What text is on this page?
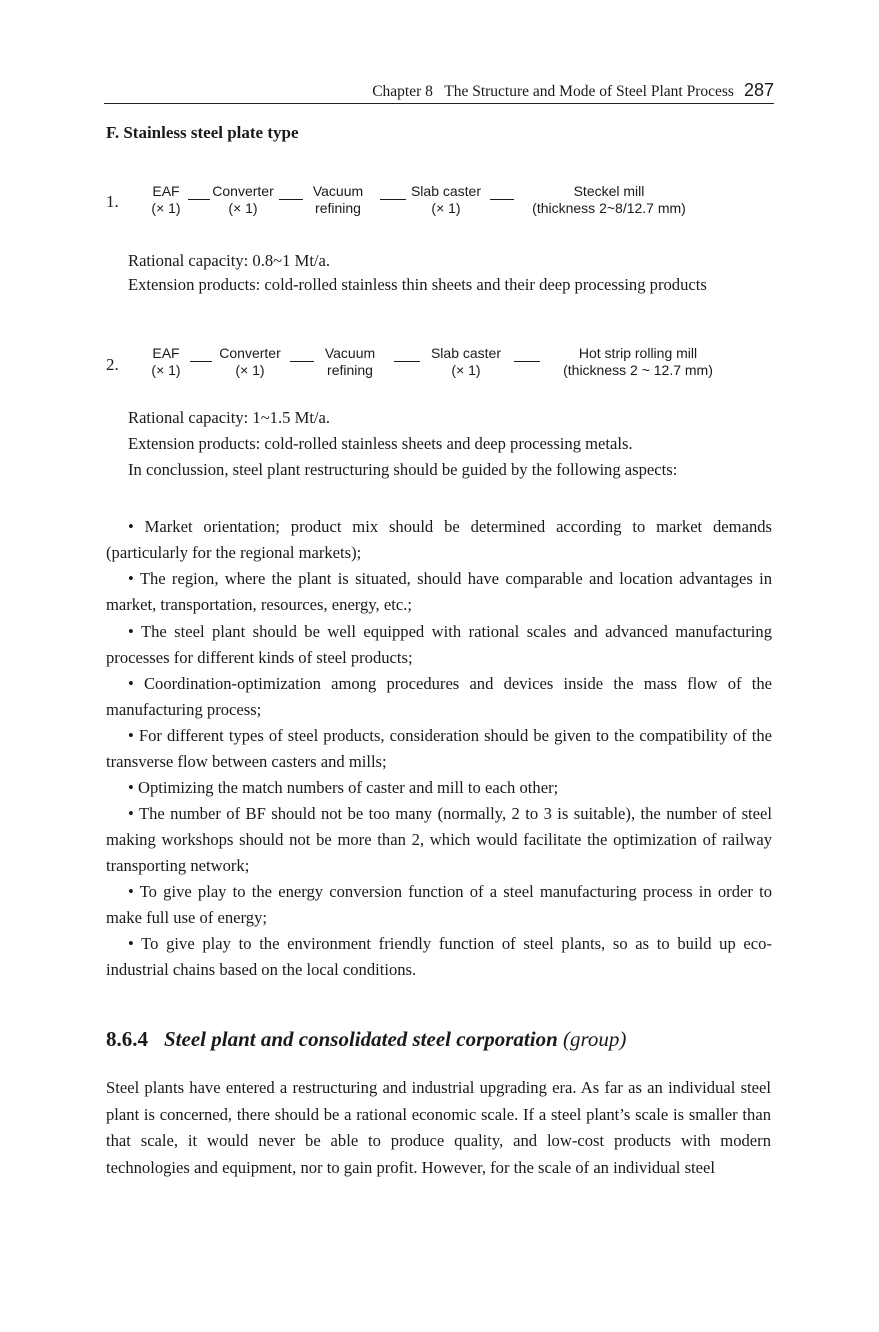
Chapter 8   The Structure and Mode of Steel Plant Process 287
F. Stainless steel plate type
1.
EAF
(× 1)
Converter
(× 1)
Vacuum
refining
Slab caster
(× 1)
Steckel mill
(thickness 2~8/12.7 mm)
Rational capacity: 0.8~1 Mt/a.
Extension products: cold-rolled stainless thin sheets and their deep processing products
2.
EAF
(× 1)
Converter
(× 1)
Vacuum
refining
Slab caster
(× 1)
Hot strip rolling mill
(thickness 2 ~ 12.7 mm)
Rational capacity: 1~1.5 Mt/a.
Extension products: cold-rolled stainless sheets and deep processing metals.
In conclussion, steel plant restructuring should be guided by the following aspects:
• Market orientation; product mix should be determined according to market demands (particularly for the regional markets);
• The region, where the plant is situated, should have comparable and location advantages in market, transportation, resources, energy, etc.;
• The steel plant should be well equipped with rational scales and advanced manufacturing processes for different kinds of steel products;
• Coordination-optimization among procedures and devices inside the mass flow of the manufacturing process;
• For different types of steel products, consideration should be given to the compatibility of the transverse flow between casters and mills;
• Optimizing the match numbers of caster and mill to each other;
• The number of BF should not be too many (normally, 2 to 3 is suitable), the number of steel making workshops should not be more than 2, which would facilitate the optimization of railway transporting network;
• To give play to the energy conversion function of a steel manufacturing process in order to make full use of energy;
• To give play to the environment friendly function of steel plants, so as to build up eco-industrial chains based on the local conditions.
8.6.4 Steel plant and consolidated steel corporation (group)
Steel plants have entered a restructuring and industrial upgrading era. As far as an individual steel plant is concerned, there should be a rational economic scale. If a steel plant’s scale is smaller than that scale, it would never be able to produce quality, and low-cost products with modern technologies and equipment, nor to gain profit. However, for the scale of an individual steel
